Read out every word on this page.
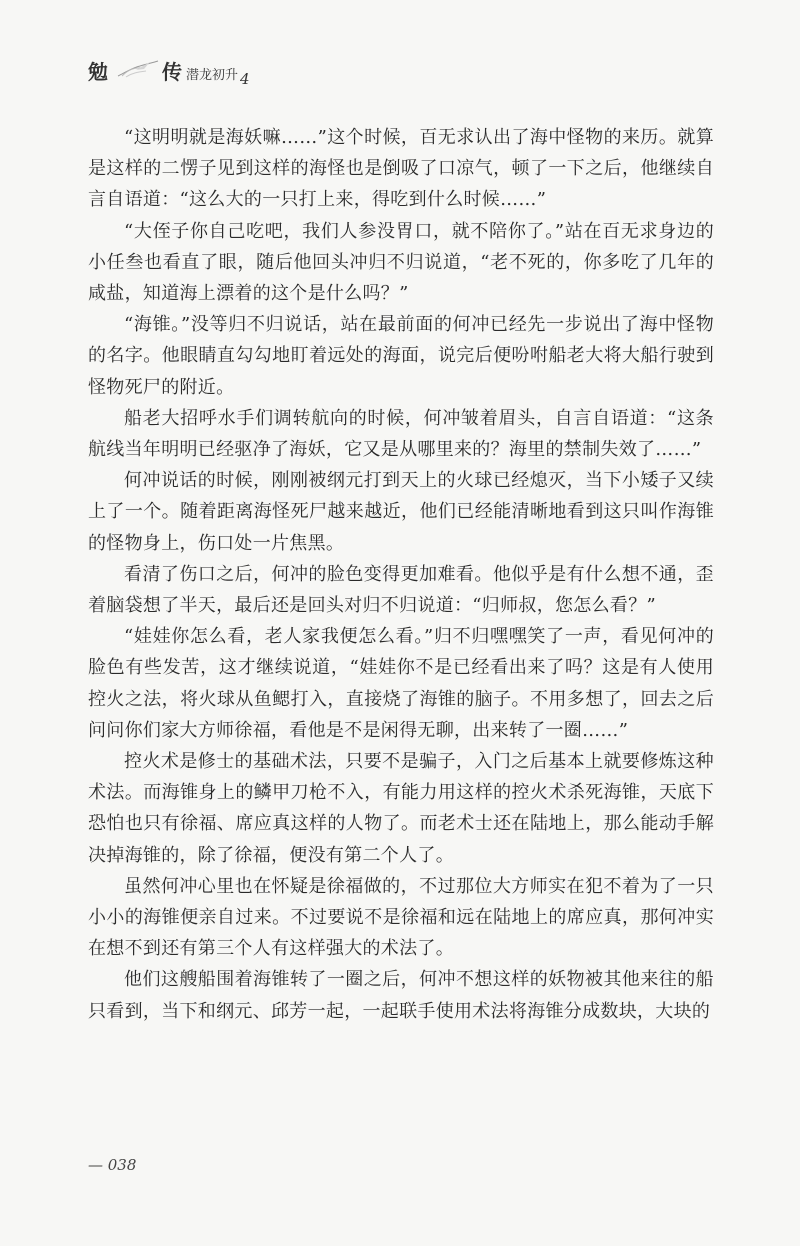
勉	传 潜龙初升 4

“这明明就是海妖嘛……”这个时候，百无求认出了海中怪物的来历。就算是这样的二愣子见到这样的海怪也是倒吸了口凉气，顿了一下之后，他继续自言自语道：“这么大的一只打上来，得吃到什么时候……”

“大侄子你自己吃吧，我们人参没胃口，就不陪你了。”站在百无求身边的小任叁也看直了眼，随后他回头冲归不归说道，“老不死的，你多吃了几年的咸盐，知道海上漂着的这个是什么吗？”

“海锥。”没等归不归说话，站在最前面的何冲已经先一步说出了海中怪物的名字。他眼睛直勾勾地盯着远处的海面，说完后便吩咐船老大将大船行驶到怪物死尸的附近。

船老大招呼水手们调转航向的时候，何冲皱着眉头，自言自语道：“这条航线当年明明已经驱净了海妖，它又是从哪里来的？海里的禁制失效了……”

何冲说话的时候，刚刚被纲元打到天上的火球已经熄灭，当下小矮子又续上了一个。随着距离海怪死尸越来越近，他们已经能清晰地看到这只叫作海锥的怪物身上，伤口处一片焦黑。

看清了伤口之后，何冲的脸色变得更加难看。他似乎是有什么想不通，歪着脑袋想了半天，最后还是回头对归不归说道：“归师叔，您怎么看？”

“娃娃你怎么看，老人家我便怎么看。”归不归嘿嘿笑了一声，看见何冲的脸色有些发苦，这才继续说道，“娃娃你不是已经看出来了吗？这是有人使用控火之法，将火球从鱼鳃打入，直接烧了海锥的脑子。不用多想了，回去之后问问你们家大方师徐福，看他是不是闲得无聊，出来转了一圈……”

控火术是修士的基础术法，只要不是骗子，入门之后基本上就要修炼这种术法。而海锥身上的鳞甲刀枪不入，有能力用这样的控火术杀死海锥，天底下恐怕也只有徐福、席应真这样的人物了。而老术士还在陆地上，那么能动手解决掉海锥的，除了徐福，便没有第二个人了。

虽然何冲心里也在怀疑是徐福做的，不过那位大方师实在犯不着为了一只小小的海锥便亲自过来。不过要说不是徐福和远在陆地上的席应真，那何冲实在想不到还有第三个人有这样强大的术法了。

他们这艘船围着海锥转了一圈之后，何冲不想这样的妖物被其他来往的船只看到，当下和纲元、邱芳一起，一起联手使用术法将海锥分成数块，大块的

— 038
